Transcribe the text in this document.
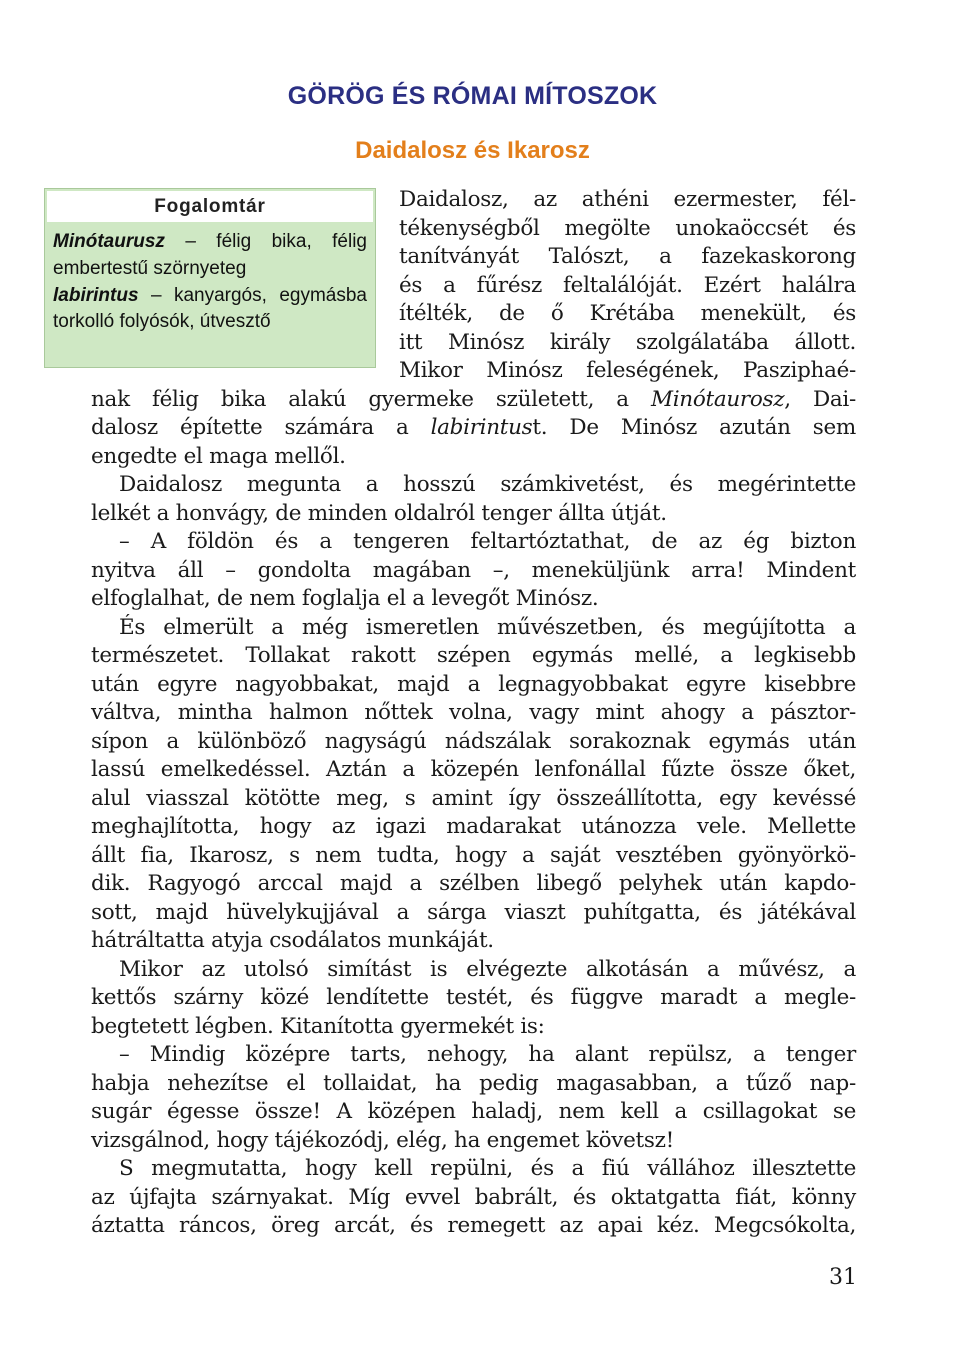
GÖRÖG ÉS RÓMAI MÍTOSZOK
Daidalosz és Ikarosz
Fogalomtár
Minótaurusz – félig bika, félig embertestű szörnyeteg
labirintus – kanyargós, egymásba torkolló folyósók, útvesztő
Daidalosz, az athéni ezermester, fél-
tékenységből megölte unokaöccsét és
tanítványát Talószt, a fazekaskorong
és a fűrész feltalálóját. Ezért halálra
ítélték, de ő Krétába menekült, és
itt Minósz király szolgálatába állott.
Mikor Minósz feleségének, Pasziphaé-
nak félig bika alakú gyermeke született, a Minótaurosz, Dai-
dalosz építette számára a labirintust. De Minósz azután sem
engedte el maga mellől.
Daidalosz megunta a hosszú számkivetést, és megérintette
lelkét a honvágy, de minden oldalról tenger állta útját.
– A földön és a tengeren feltartóztathat, de az ég bizton
nyitva áll – gondolta magában –, meneküljünk arra! Mindent
elfoglalhat, de nem foglalja el a levegőt Minósz.
És elmerült a még ismeretlen művészetben, és megújította a
természetet. Tollakat rakott szépen egymás mellé, a legkisebb
után egyre nagyobbakat, majd a legnagyobbakat egyre kisebbre
váltva, mintha halmon nőttek volna, vagy mint ahogy a pásztor-
sípon a különböző nagyságú nádszálak sorakoznak egymás után
lassú emelkedéssel. Aztán a közepén lenfonállal fűzte össze őket,
alul viasszal kötötte meg, s amint így összeállította, egy kevéssé
meghajlította, hogy az igazi madarakat utánozza vele. Mellette
állt fia, Ikarosz, s nem tudta, hogy a saját vesztében gyönyörkö-
dik. Ragyogó arccal majd a szélben libegő pelyhek után kapdo-
sott, majd hüvelykujjával a sárga viaszt puhítgatta, és játékával
hátráltatta atyja csodálatos munkáját.
Mikor az utolsó simítást is elvégezte alkotásán a művész, a
kettős szárny közé lendítette testét, és függve maradt a megle-
begtetett légben. Kitanította gyermekét is:
– Mindig középre tarts, nehogy, ha alant repülsz, a tenger
habja nehezítse el tollaidat, ha pedig magasabban, a tűző nap-
sugár égesse össze! A középen haladj, nem kell a csillagokat se
vizsgálnod, hogy tájékozódj, elég, ha engemet követsz!
S megmutatta, hogy kell repülni, és a fiú vállához illesztette
az újfajta szárnyakat. Míg evvel babrált, és oktatgatta fiát, könny
áztatta ráncos, öreg arcát, és remegett az apai kéz. Megcsókolta,
31
